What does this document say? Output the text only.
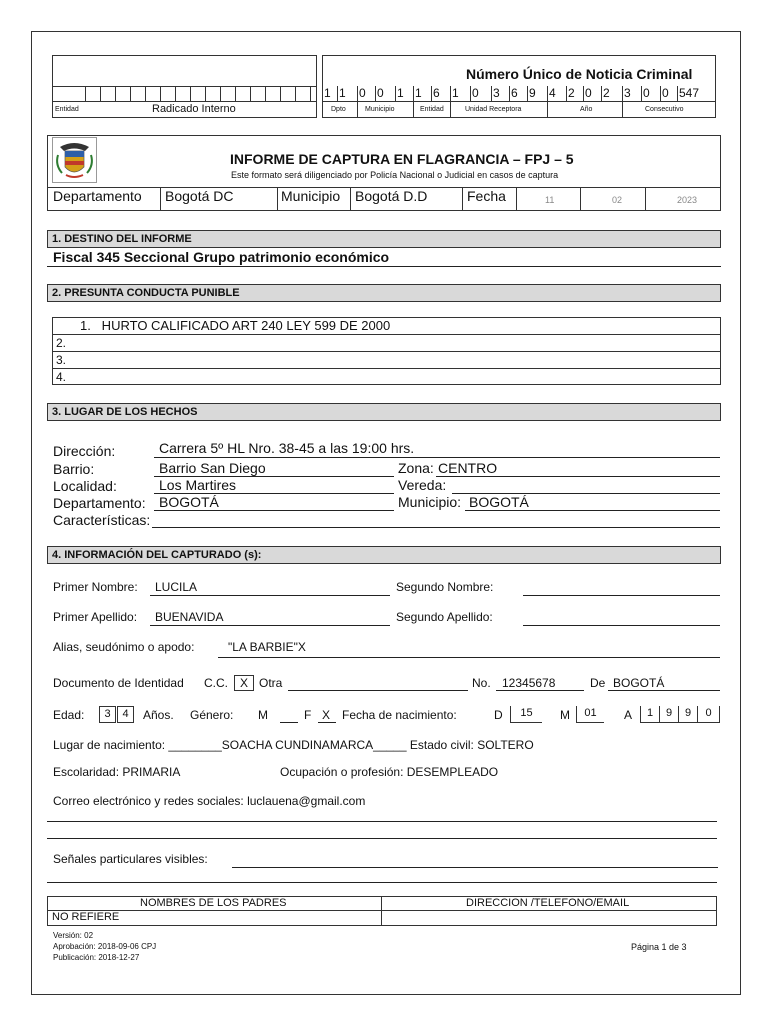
Entidad	Radicado Interno
Número Único de Noticia Criminal
1 1 0 0 1 1 6 1 0 3 6 9 4 2 0 2 3 0 0 547
Dpto	Municipio	Entidad	Unidad Receptora	Año	Consecutivo
INFORME DE CAPTURA EN FLAGRANCIA – FPJ – 5
Este formato será diligenciado por Policía Nacional o Judicial en casos de captura
Departamento Bogotá DC	Municipio Bogotá D.D	Fecha	11	02	2023
1. DESTINO DEL INFORME
Fiscal 345 Seccional Grupo patrimonio económico
2. PRESUNTA CONDUCTA PUNIBLE
1.   HURTO CALIFICADO ART 240 LEY 599 DE 2000
2.
3.
4.
3. LUGAR DE LOS HECHOS
Dirección:	Carrera 5º HL Nro. 38-45 a las 19:00 hrs.
Barrio:	Barrio San Diego	Zona: CENTRO
Localidad:	Los Martires	Vereda:
Departamento: BOGOTÁ	Municipio: BOGOTÁ
Características:
4. INFORMACIÓN DEL CAPTURADO (s):
Primer Nombre: LUCILA	Segundo Nombre:
Primer Apellido: BUENAVIDA	Segundo Apellido:
Alias, seudónimo o apodo:	"LA BARBIE"X
Documento de Identidad C.C. X Otra	No. 12345678	De BOGOTÁ
Edad:	3	4	Años. Género: M	F X Fecha de nacimiento:	D	15	M	01	A	1	9	9	0
Lugar de nacimiento: ________SOACHA CUNDINAMARCA_____ Estado civil: SOLTERO
Escolaridad: PRIMARIA	Ocupación o profesión: DESEMPLEADO
Correo electrónico y redes sociales: luclauena@gmail.com
Señales particulares visibles:
NOMBRES DE LOS PADRES	DIRECCION /TELEFONO/EMAIL
NO REFIERE
Versión: 02
Aprobación: 2018-09-06 CPJ
Publicación: 2018-12-27
Página 1 de 3
